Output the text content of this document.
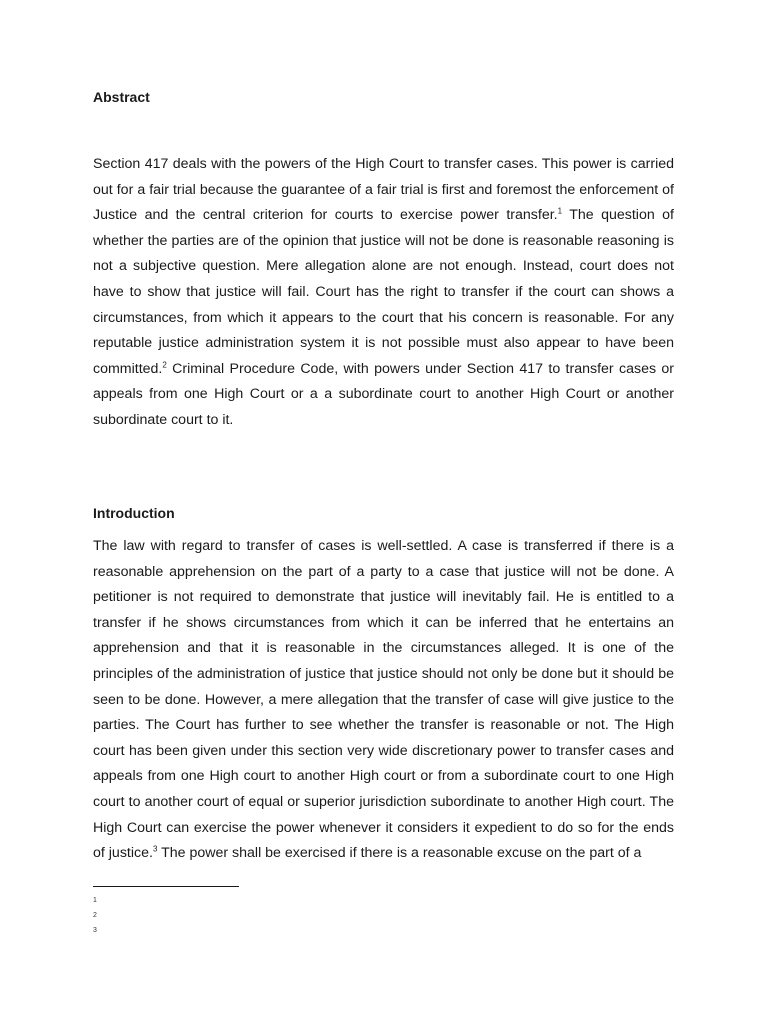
Abstract

Section 417 deals with the powers of the High Court to transfer cases. This power is carried out for a fair trial because the guarantee of a fair trial is first and foremost the enforcement of Justice and the central criterion for courts to exercise power transfer.$^1$ The question of whether the parties are of the opinion that justice will not be done is reasonable reasoning is not a subjective question. Mere allegation alone are not enough. Instead, court does not have to show that justice will fail. Court has the right to transfer if the court can shows a circumstances, from which it appears to the court that his concern is reasonable. For any reputable justice administration system it is not possible must also appear to have been committed.$^2$ Criminal Procedure Code, with powers under Section 417 to transfer cases or appeals from one High Court or a a subordinate court to another High Court or another subordinate court to it.

Introduction

The law with regard to transfer of cases is well-settled. A case is transferred if there is a reasonable apprehension on the part of a party to a case that justice will not be done. A petitioner is not required to demonstrate that justice will inevitably fail. He is entitled to a transfer if he shows circumstances from which it can be inferred that he entertains an apprehension and that it is reasonable in the circumstances alleged. It is one of the principles of the administration of justice that justice should not only be done but it should be seen to be done. However, a mere allegation that the transfer of case will give justice to the parties. The Court has further to see whether the transfer is reasonable or not. The High court has been given under this section very wide discretionary power to transfer cases and appeals from one High court to another High court or from a subordinate court to one High court to another court of equal or superior jurisdiction subordinate to another High court. The High Court can exercise the power whenever it considers it expedient to do so for the ends of justice.$^3$ The power shall be exercised if there is a reasonable excuse on the part of a

1
2
3
